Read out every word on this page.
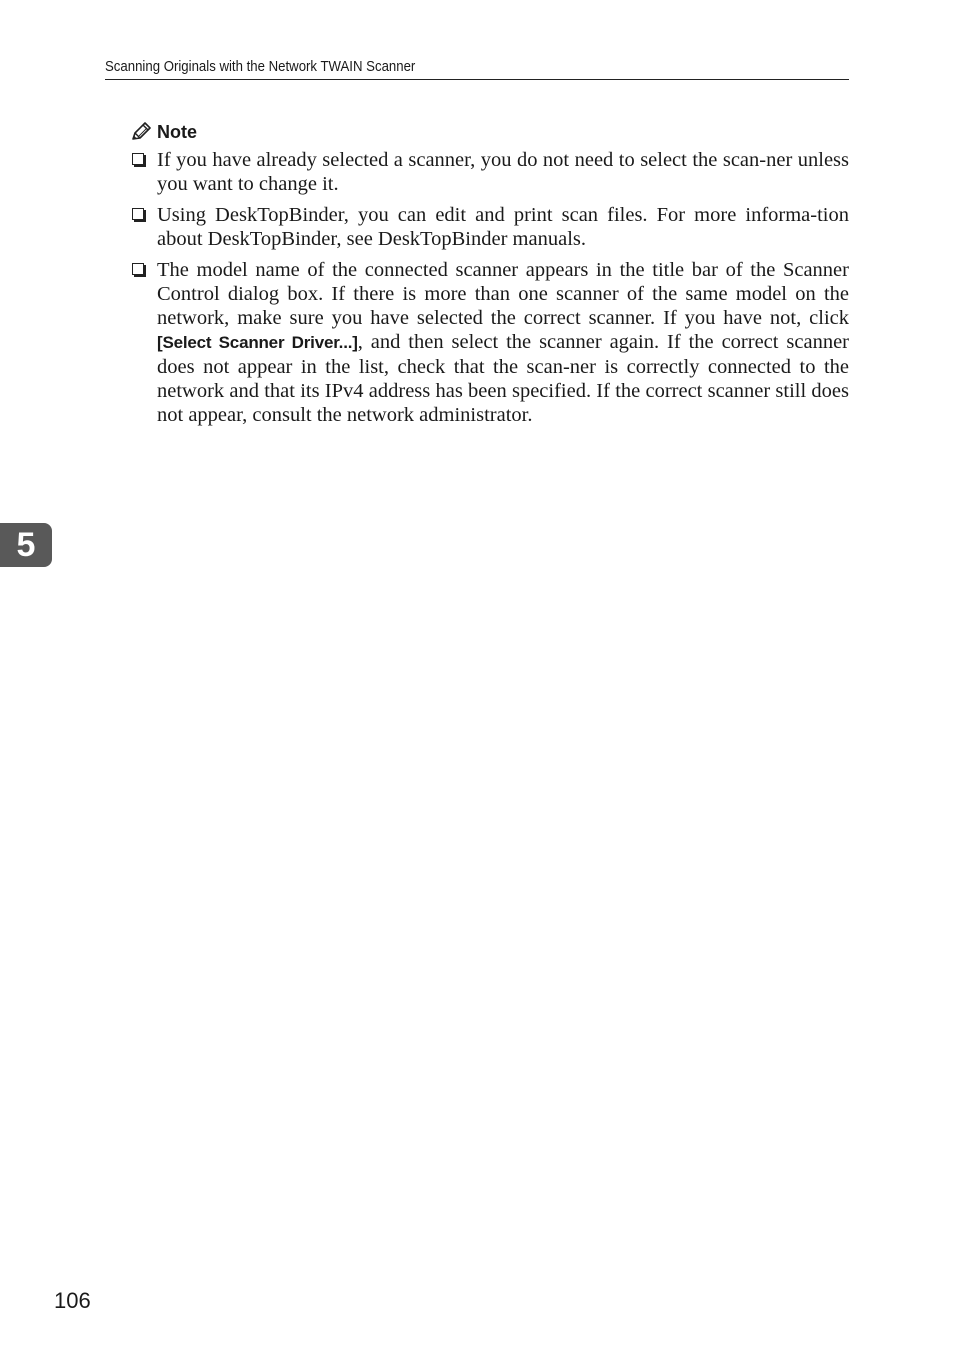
Scanning Originals with the Network TWAIN Scanner
Note
If you have already selected a scanner, you do not need to select the scan-ner unless you want to change it.
Using DeskTopBinder, you can edit and print scan files. For more informa-tion about DeskTopBinder, see DeskTopBinder manuals.
The model name of the connected scanner appears in the title bar of the Scanner Control dialog box. If there is more than one scanner of the same model on the network, make sure you have selected the correct scanner. If you have not, click [Select Scanner Driver...], and then select the scanner again. If the correct scanner does not appear in the list, check that the scan-ner is correctly connected to the network and that its IPv4 address has been specified. If the correct scanner still does not appear, consult the network administrator.
5
106
